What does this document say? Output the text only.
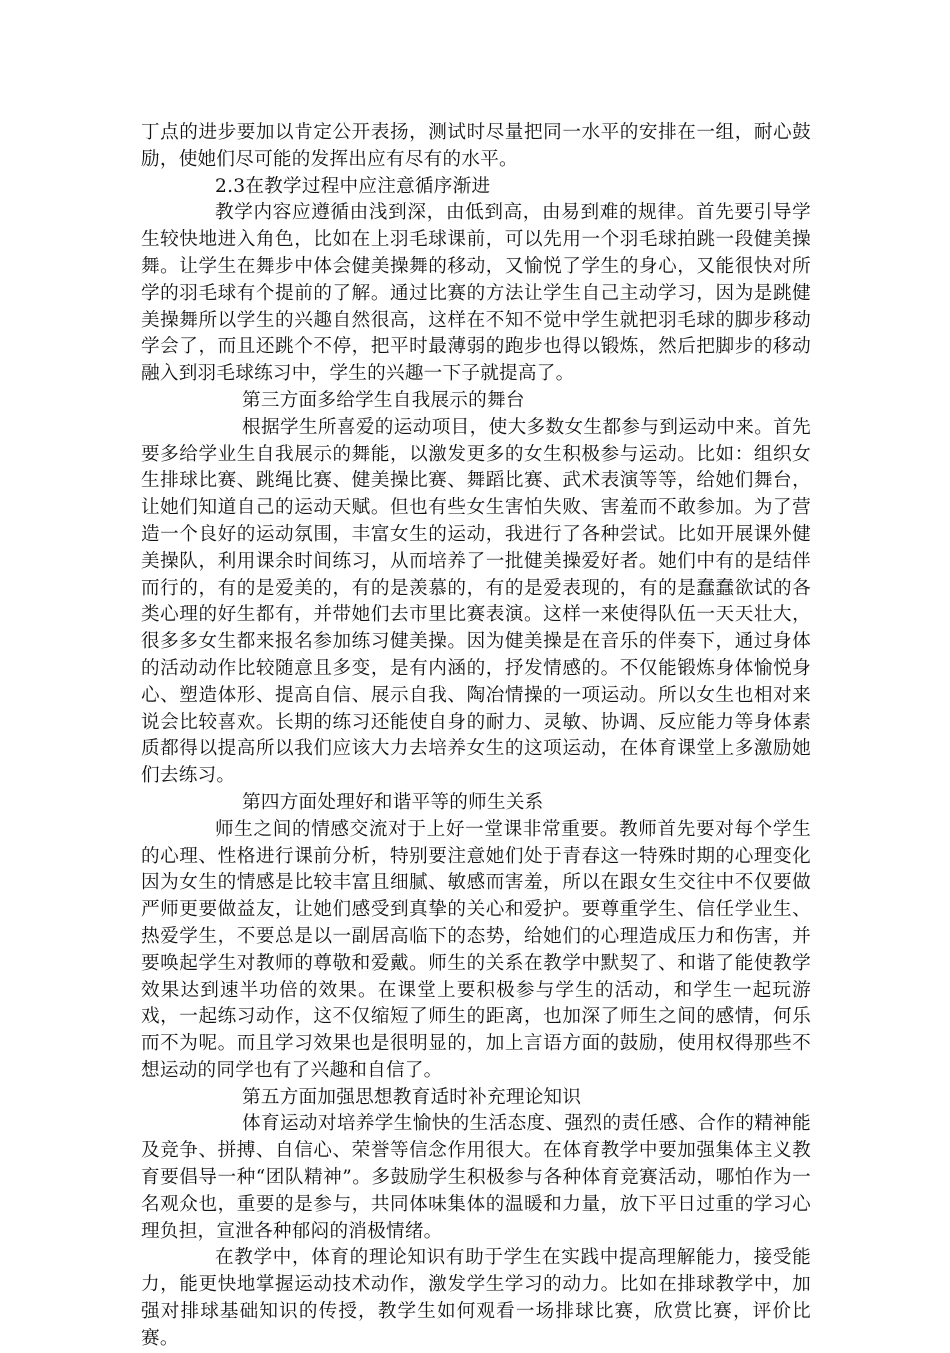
丁点的进步要加以肯定公开表扬，测试时尽量把同一水平的安排在一组，耐心鼓励，使她们尽可能的发挥出应有尽有的水平。

2.3在教学过程中应注意循序渐进

教学内容应遵循由浅到深，由低到高，由易到难的规律。首先要引导学生较快地进入角色，比如在上羽毛球课前，可以先用一个羽毛球拍跳一段健美操舞。让学生在舞步中体会健美操舞的移动，又愉悦了学生的身心，又能很快对所学的羽毛球有个提前的了解。通过比赛的方法让学生自己主动学习，因为是跳健美操舞所以学生的兴趣自然很高，这样在不知不觉中学生就把羽毛球的脚步移动学会了，而且还跳个不停，把平时最薄弱的跑步也得以锻炼，然后把脚步的移动融入到羽毛球练习中，学生的兴趣一下子就提高了。

第三方面多给学生自我展示的舞台

根据学生所喜爱的运动项目，使大多数女生都参与到运动中来。首先要多给学业生自我展示的舞能，以激发更多的女生积极参与运动。比如：组织女生排球比赛、跳绳比赛、健美操比赛、舞蹈比赛、武术表演等等，给她们舞台，让她们知道自己的运动天赋。但也有些女生害怕失败、害羞而不敢参加。为了营造一个良好的运动氛围，丰富女生的运动，我进行了各种尝试。比如开展课外健美操队，利用课余时间练习，从而培养了一批健美操爱好者。她们中有的是结伴而行的，有的是爱美的，有的是羡慕的，有的是爱表现的，有的是蠢蠢欲试的各类心理的好生都有，并带她们去市里比赛表演。这样一来使得队伍一天天壮大，很多多女生都来报名参加练习健美操。因为健美操是在音乐的伴奏下，通过身体的活动动作比较随意且多变，是有内涵的，抒发情感的。不仅能锻炼身体愉悦身心、塑造体形、提高自信、展示自我、陶冶情操的一项运动。所以女生也相对来说会比较喜欢。长期的练习还能使自身的耐力、灵敏、协调、反应能力等身体素质都得以提高所以我们应该大力去培养女生的这项运动，在体育课堂上多激励她们去练习。

第四方面处理好和谐平等的师生关系

师生之间的情感交流对于上好一堂课非常重要。教师首先要对每个学生的心理、性格进行课前分析，特别要注意她们处于青春这一特殊时期的心理变化因为女生的情感是比较丰富且细腻、敏感而害羞，所以在跟女生交往中不仅要做严师更要做益友，让她们感受到真挚的关心和爱护。要尊重学生、信任学业生、热爱学生，不要总是以一副居高临下的态势，给她们的心理造成压力和伤害，并要唤起学生对教师的尊敬和爱戴。师生的关系在教学中默契了、和谐了能使教学效果达到速半功倍的效果。在课堂上要积极参与学生的活动，和学生一起玩游戏，一起练习动作，这不仅缩短了师生的距离，也加深了师生之间的感情，何乐而不为呢。而且学习效果也是很明显的，加上言语方面的鼓励，使用权得那些不想运动的同学也有了兴趣和自信了。

第五方面加强思想教育适时补充理论知识

体育运动对培养学生愉快的生活态度、强烈的责任感、合作的精神能及竞争、拼搏、自信心、荣誉等信念作用很大。在体育教学中要加强集体主义教育要倡导一种“团队精神”。多鼓励学生积极参与各种体育竞赛活动，哪怕作为一名观众也，重要的是参与，共同体味集体的温暖和力量，放下平日过重的学习心理负担，宣泄各种郁闷的消极情绪。

在教学中，体育的理论知识有助于学生在实践中提高理解能力，接受能力，能更快地掌握运动技术动作，激发学生学习的动力。比如在排球教学中，加强对排球基础知识的传授，教学生如何观看一场排球比赛，欣赏比赛，评价比赛。
